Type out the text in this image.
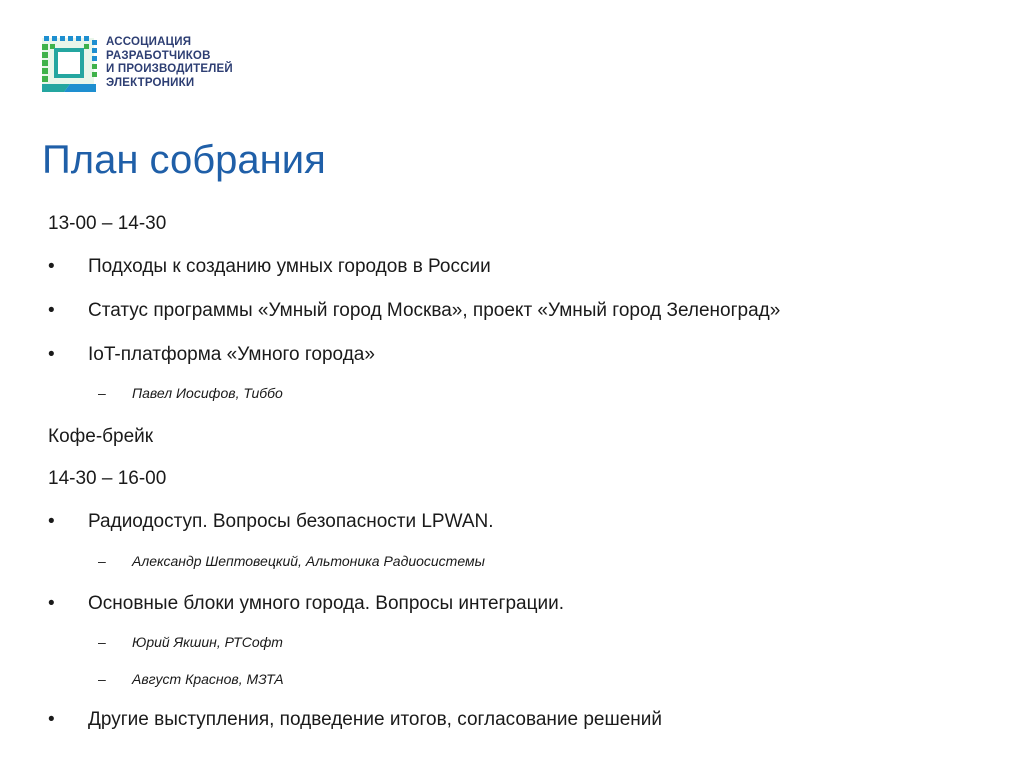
АССОЦИАЦИЯ
РАЗРАБОТЧИКОВ
И ПРОИЗВОДИТЕЛЕЙ
ЭЛЕКТРОНИКИ
План собрания
13-00 – 14-30
•	Подходы к созданию умных городов в России
•	Статус программы «Умный город Москва», проект «Умный город Зеленоград»
•	IoT-платформа «Умного города»
– Павел Иосифов, Тиббо
Кофе-брейк
14-30 – 16-00
•	Радиодоступ. Вопросы безопасности LPWAN.
– Александр Шептовецкий, Альтоника Радиосистемы
•	Основные блоки умного города. Вопросы интеграции.
– Юрий Якшин, РТСофт
– Август Краснов, МЗТА
•	Другие выступления, подведение итогов, согласование решений
